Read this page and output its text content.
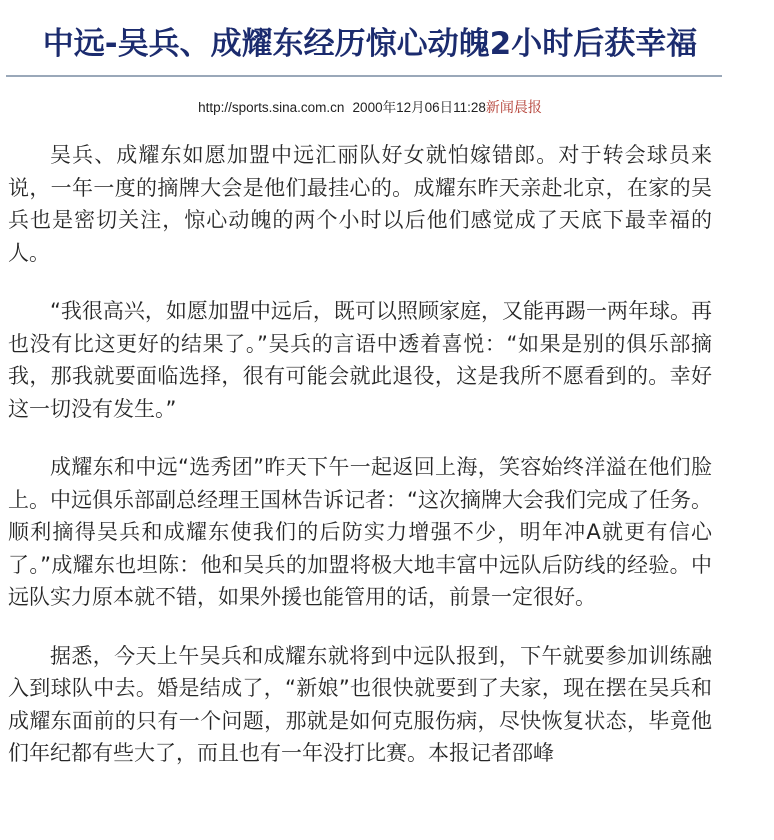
中远-吴兵、成耀东经历惊心动魄2小时后获幸福
http://sports.sina.com.cn 2000年12月06日11:28新闻晨报

吴兵、成耀东如愿加盟中远汇丽队好女就怕嫁错郎。对于转会球员来说，一年一度的摘牌大会是他们最挂心的。成耀东昨天亲赴北京，在家的吴兵也是密切关注，惊心动魄的两个小时以后他们感觉成了天底下最幸福的人。

“我很高兴，如愿加盟中远后，既可以照顾家庭，又能再踢一两年球。再也没有比这更好的结果了。”吴兵的言语中透着喜悦：“如果是别的俱乐部摘我，那我就要面临选择，很有可能会就此退役，这是我所不愿看到的。幸好这一切没有发生。”

成耀东和中远“选秀团”昨天下午一起返回上海，笑容始终洋溢在他们脸上。中远俱乐部副总经理王国林告诉记者：“这次摘牌大会我们完成了任务。顺利摘得吴兵和成耀东使我们的后防实力增强不少，明年冲A就更有信心了。”成耀东也坦陈：他和吴兵的加盟将极大地丰富中远队后防线的经验。中远队实力原本就不错，如果外援也能管用的话，前景一定很好。

据悉，今天上午吴兵和成耀东就将到中远队报到，下午就要参加训练融入到球队中去。婚是结成了，“新娘”也很快就要到了夫家，现在摆在吴兵和成耀东面前的只有一个问题，那就是如何克服伤病，尽快恢复状态，毕竟他们年纪都有些大了，而且也有一年没打比赛。本报记者邵峰
